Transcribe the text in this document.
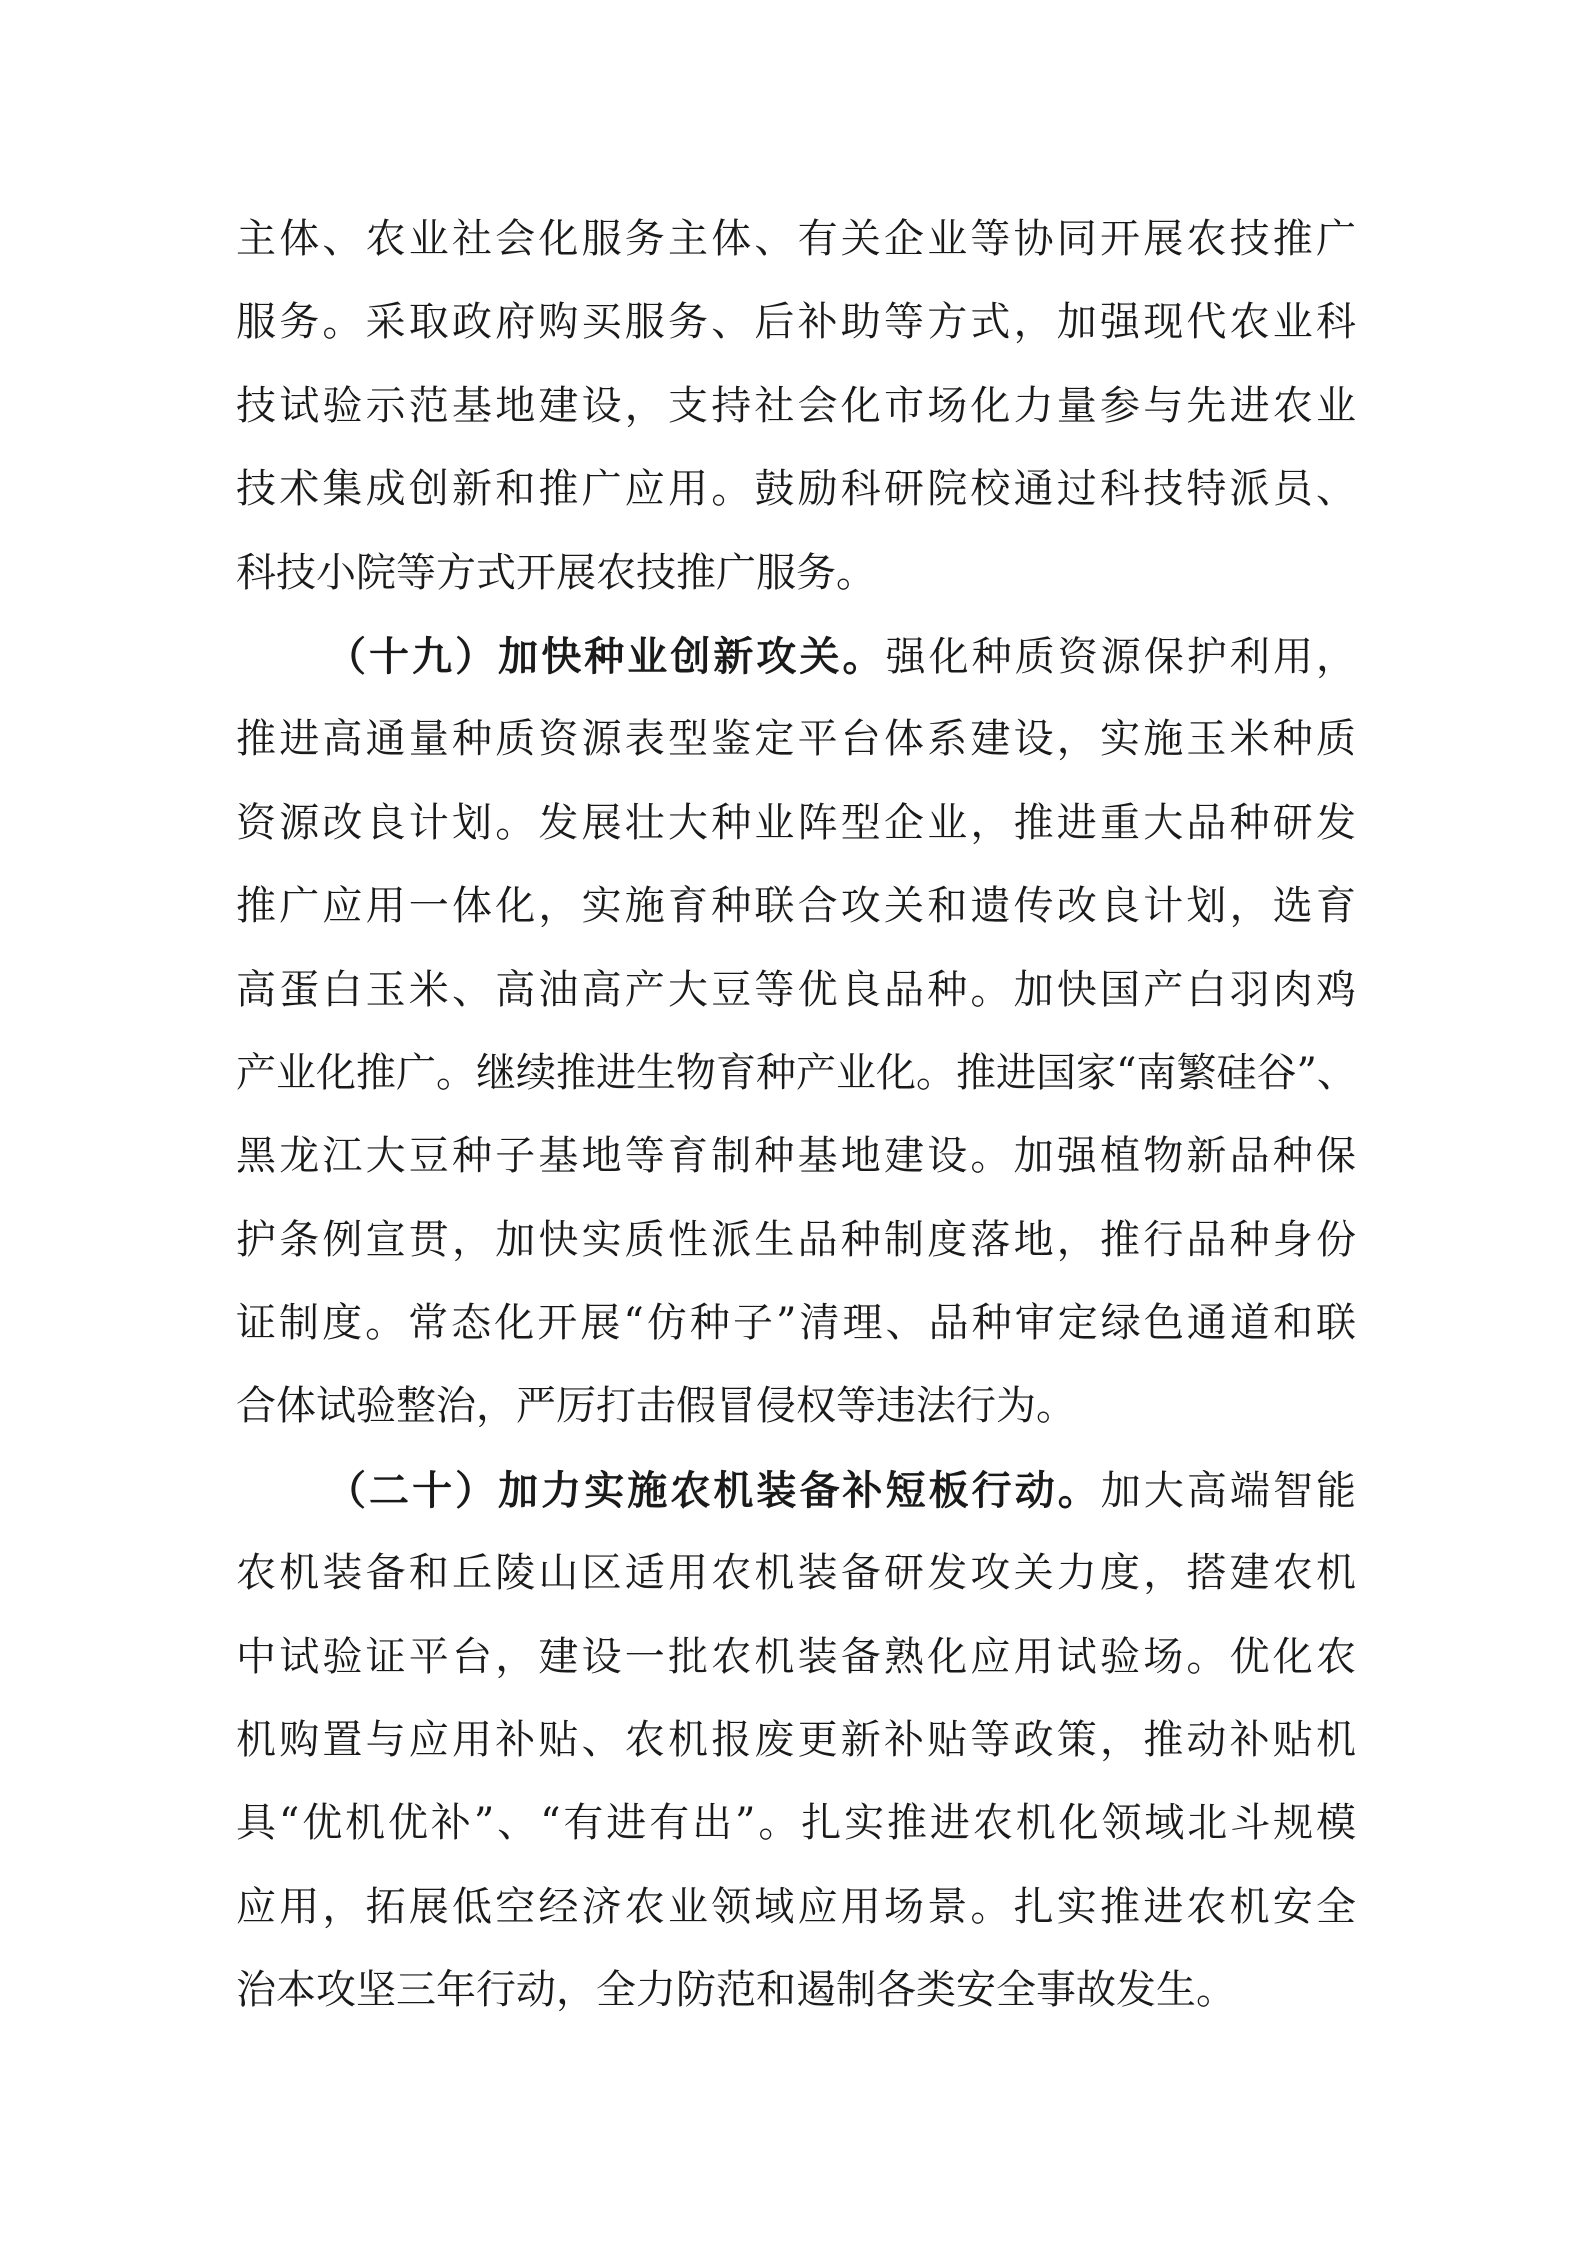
主体、农业社会化服务主体、有关企业等协同开展农技推广
服务。采取政府购买服务、后补助等方式，加强现代农业科
技试验示范基地建设，支持社会化市场化力量参与先进农业
技术集成创新和推广应用。鼓励科研院校通过科技特派员、
科技小院等方式开展农技推广服务。
（十九）加快种业创新攻关。强化种质资源保护利用，
推进高通量种质资源表型鉴定平台体系建设，实施玉米种质
资源改良计划。发展壮大种业阵型企业，推进重大品种研发
推广应用一体化，实施育种联合攻关和遗传改良计划，选育
高蛋白玉米、高油高产大豆等优良品种。加快国产白羽肉鸡
产业化推广。继续推进生物育种产业化。推进国家“南繁硅谷”、
黑龙江大豆种子基地等育制种基地建设。加强植物新品种保
护条例宣贯，加快实质性派生品种制度落地，推行品种身份
证制度。常态化开展“仿种子”清理、品种审定绿色通道和联
合体试验整治，严厉打击假冒侵权等违法行为。
（二十）加力实施农机装备补短板行动。加大高端智能
农机装备和丘陵山区适用农机装备研发攻关力度，搭建农机
中试验证平台，建设一批农机装备熟化应用试验场。优化农
机购置与应用补贴、农机报废更新补贴等政策，推动补贴机
具“优机优补”、“有进有出”。扎实推进农机化领域北斗规模
应用，拓展低空经济农业领域应用场景。扎实推进农机安全
治本攻坚三年行动，全力防范和遏制各类安全事故发生。
